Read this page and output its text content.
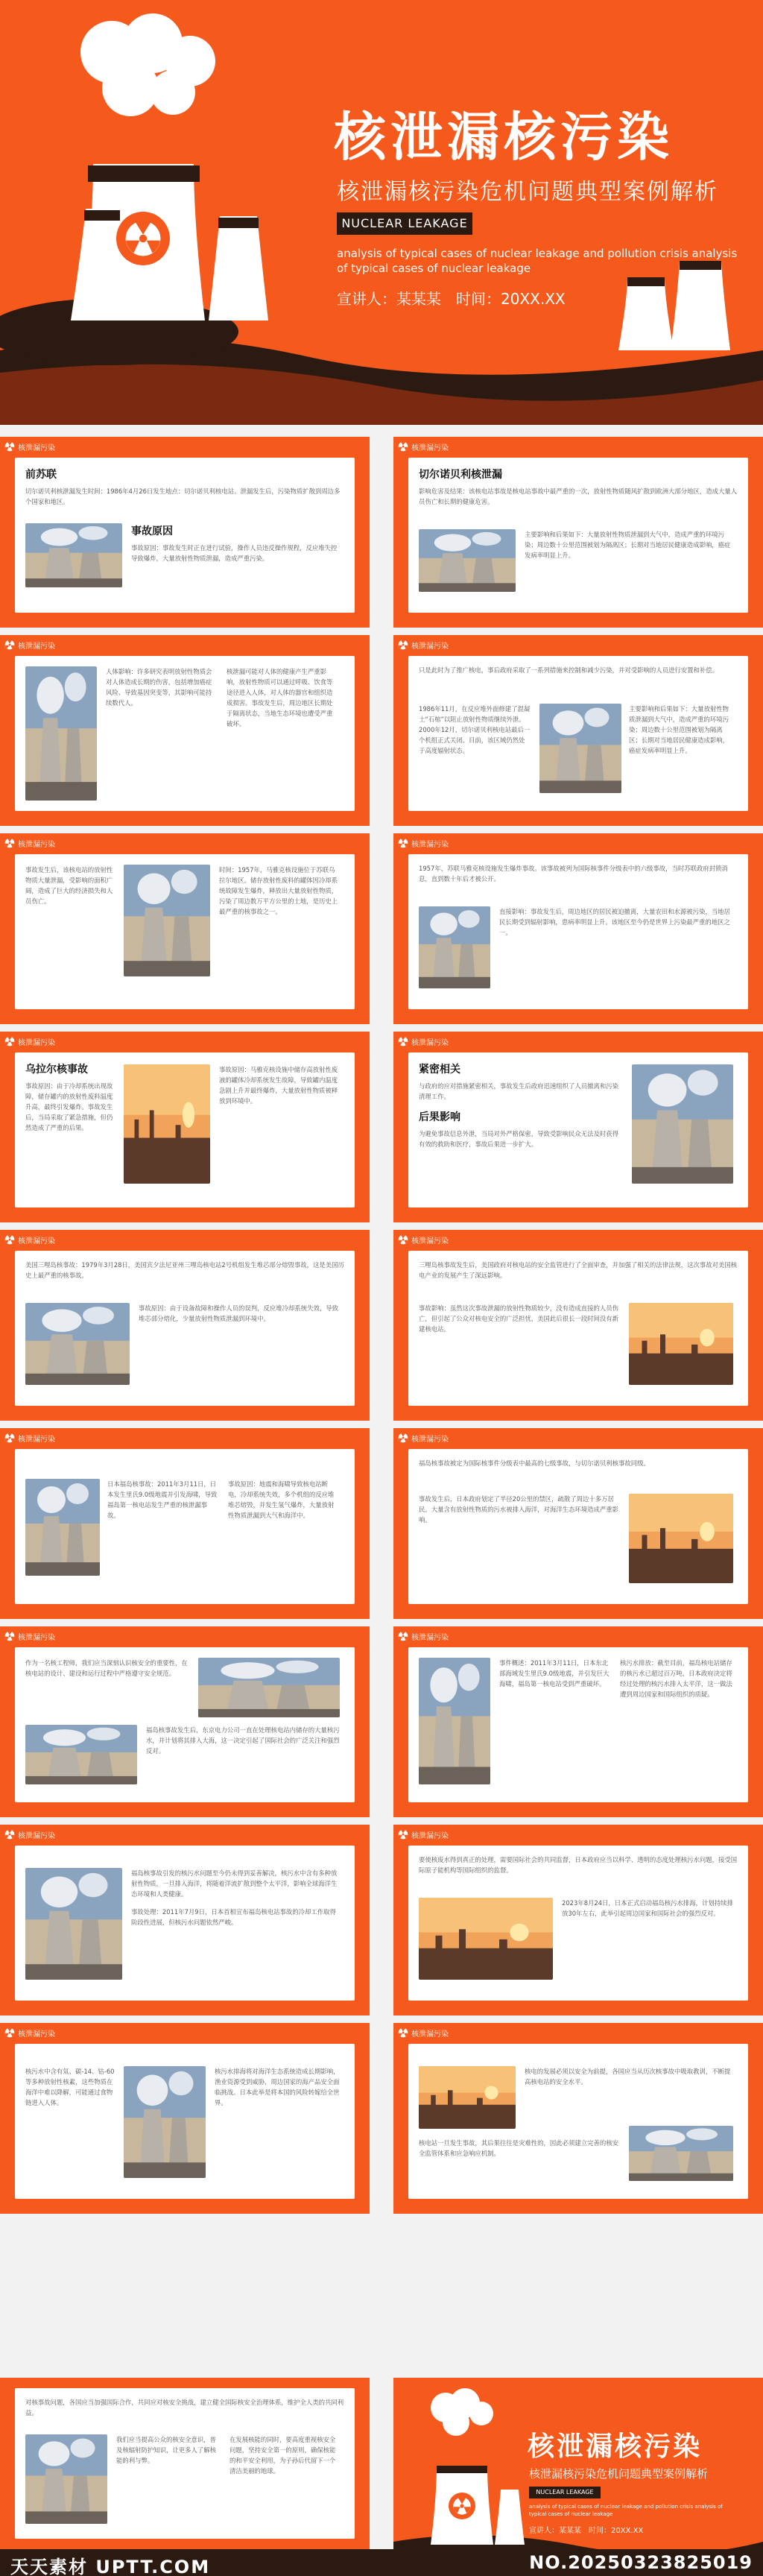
核泄漏核污染
核泄漏核污染危机问题典型案例解析
NUCLEAR LEAKAGE
analysis of typical cases of nuclear leakage and pollution crisis analysis of typical cases of nuclear leakage
宣讲人：某某某 时间：20XX.XX
核泄漏污染
前苏联
切尔诺贝利核泄漏发生时间：1986年4月26日发生地点：切尔诺贝利核电站。泄漏发生后，污染物质扩散到周边多个国家和地区。
事故原因
事故原因：事故发生时正在进行试验，操作人员违反操作规程，反应堆失控导致爆炸，大量放射性物质泄漏，造成严重污染。
核泄漏污染
切尔诺贝利核泄漏
影响危害及结果：该核电站事故是核电站事故中最严重的一次，放射性物质随风扩散到欧洲大部分地区，造成大量人员伤亡和长期的健康危害。
主要影响和后果如下：大量放射性物质泄漏到大气中，造成严重的环境污染；周边数十公里范围被划为隔离区；长期对当地居民健康造成影响，癌症发病率明显上升。
核泄漏污染
人体影响：许多研究表明放射性物质会对人体造成长期的伤害，包括增加癌症风险、导致基因突变等，其影响可能持续数代人。
核泄漏可能对人体的健康产生严重影响，放射性物质可以通过呼吸、饮食等途径进入人体，对人体的器官和组织造成损害。事故发生后，周边地区长期处于隔离状态，当地生态环境也遭受严重破坏。
核泄漏污染
只是此时为了推广核电，事后政府采取了一系列措施来控制和减少污染，并对受影响的人员进行安置和补偿。
1986年11月，在反应堆外面修建了混凝土“石棺”以阻止放射性物质继续外泄。2000年12月，切尔诺贝利核电站最后一个机组正式关闭。目前，该区域仍然处于高度辐射状态。
主要影响和后果如下：大量放射性物质泄漏到大气中，造成严重的环境污染；周边数十公里范围被划为隔离区；长期对当地居民健康造成影响，癌症发病率明显上升。
核泄漏污染
事故发生后，该核电站的放射性物质大量泄漏，受影响的面积广阔，造成了巨大的经济损失和人员伤亡。
时间：1957年，马雅克核设施位于苏联乌拉尔地区。储存放射性废料的罐体因冷却系统故障发生爆炸，释放出大量放射性物质，污染了周边数万平方公里的土地，是历史上最严重的核事故之一。
核泄漏污染
1957年，苏联马雅克核设施发生爆炸事故。该事故被列为国际核事件分级表中的六级事故，当时苏联政府封锁消息，直到数十年后才被公开。
直接影响：事故发生后，周边地区的居民被迫撤离，大量农田和水源被污染，当地居民长期受到辐射影响，患病率明显上升。该地区至今仍是世界上污染最严重的地区之一。
核泄漏污染
乌拉尔核事故
事故原因：由于冷却系统出现故障，储存罐内的放射性废料温度升高，最终引发爆炸。事故发生后，当局采取了紧急措施，但仍然造成了严重的后果。
事故原因：马雅克核设施中储存高放射性废液的罐体冷却系统发生故障，导致罐内温度急剧上升并最终爆炸，大量放射性物质被释放到环境中。
核泄漏污染
紧密相关
与政府的应对措施紧密相关，事故发生后政府迅速组织了人员撤离和污染清理工作。
后果影响
为避免事故信息外泄，当局对外严格保密，导致受影响民众无法及时获得有效的救助和医疗，事故后果进一步扩大。
核泄漏污染
美国三哩岛核事故：1979年3月28日，美国宾夕法尼亚州三哩岛核电站2号机组发生堆芯部分熔毁事故，这是美国历史上最严重的核事故。
事故原因：由于设备故障和操作人员的误判，反应堆冷却系统失效，导致堆芯部分熔化，少量放射性物质泄漏到环境中。
核泄漏污染
三哩岛核事故发生后，美国政府对核电站的安全监管进行了全面审查，并加强了相关的法律法规，这次事故对美国核电产业的发展产生了深远影响。
事故影响：虽然这次事故泄漏的放射性物质较少，没有造成直接的人员伤亡，但引起了公众对核电安全的广泛担忧，美国此后很长一段时间没有新建核电站。
核泄漏污染
日本福岛核事故：2011年3月11日，日本发生里氏9.0级地震并引发海啸，导致福岛第一核电站发生严重的核泄漏事故。
事故原因：地震和海啸导致核电站断电，冷却系统失效，多个机组的反应堆堆芯熔毁，并发生氢气爆炸，大量放射性物质泄漏到大气和海洋中。
核泄漏污染
福岛核事故被定为国际核事件分级表中最高的七级事故，与切尔诺贝利核事故同级。
事故发生后，日本政府划定了半径20公里的禁区，疏散了周边十多万居民。大量含有放射性物质的污水被排入海洋，对海洋生态环境造成严重影响。
核泄漏污染
作为一名核工程师，我们应当深刻认识核安全的重要性，在核电站的设计、建设和运行过程中严格遵守安全规范。
福岛核事故发生后，东京电力公司一直在处理核电站内储存的大量核污水，并计划将其排入大海，这一决定引起了国际社会的广泛关注和强烈反对。
核泄漏污染
事件概述：2011年3月11日，日本东北部海域发生里氏9.0级地震，并引发巨大海啸，福岛第一核电站受到严重破坏。
核污水排放：截至目前，福岛核电站储存的核污水已超过百万吨，日本政府决定将经过处理的核污水排入太平洋，这一做法遭到周边国家和国际组织的质疑。
核泄漏污染
福岛核事故引发的核污水问题至今仍未得到妥善解决，核污水中含有多种放射性物质，一旦排入海洋，将随着洋流扩散到整个太平洋，影响全球海洋生态环境和人类健康。
事故处理：2011年7月9日，日本首相宣布福岛核电站事故的冷却工作取得阶段性进展，但核污水问题依然严峻。
核泄漏污染
要使核废水得到真正的处理，需要国际社会的共同监督，日本政府应当以科学、透明的态度处理核污水问题，接受国际原子能机构等国际组织的监督。
2023年8月24日，日本正式启动福岛核污水排海，计划持续排放30年左右，此举引起周边国家和国际社会的强烈反对。
核泄漏污染
核污水中含有氚、碳-14、钴-60等多种放射性核素，这些物质在海洋中难以降解，可能通过食物链进入人体。
核污水排海将对海洋生态系统造成长期影响，渔业资源受到威胁，周边国家的海产品安全面临挑战。日本此举是将本国的风险转嫁给全世界。
核泄漏污染
核电的发展必须以安全为前提，各国应当从历次核事故中吸取教训，不断提高核电站的安全水平。
核电站一旦发生事故，其后果往往是灾难性的，因此必须建立完善的核安全监管体系和应急响应机制。
对核事故问题，各国应当加强国际合作，共同应对核安全挑战，建立健全国际核安全治理体系，维护全人类的共同利益。
我们应当提高公众的核安全意识，普及核辐射防护知识，让更多人了解核能的利与弊。
在发展核能的同时，要高度重视核安全问题，坚持安全第一的原则，确保核能的和平安全利用，为子孙后代留下一个清洁美丽的地球。
核泄漏核污染
核泄漏核污染危机问题典型案例解析
NUCLEAR LEAKAGE
analysis of typical cases of nuclear leakage and pollution crisis analysis of typical cases of nuclear leakage
宣讲人：某某某 时间：20XX.XX
天天素材 UPTT.COM	NO.20250323825019
